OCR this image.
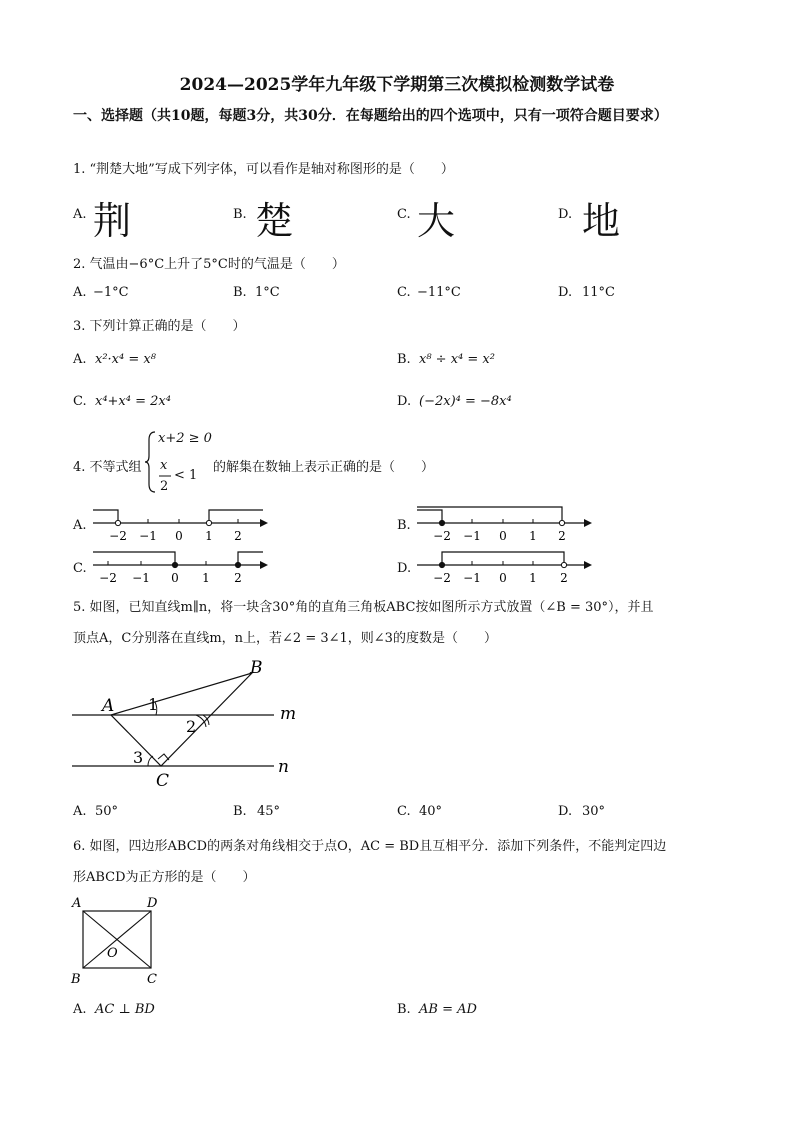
2024—2025学年九年级下学期第三次模拟检测数学试卷
一、选择题（共10题，每题3分，共30分．在每题给出的四个选项中，只有一项符合题目要求）
1. “荆楚大地”写成下列字体，可以看作是轴对称图形的是（　　）
A. 荆	B. 楚	C. 大	D. 地
2. 气温由−6°C上升了5°C时的气温是（　　）
A. −1°C	B. 1°C	C. −11°C	D. 11°C
3. 下列计算正确的是（　　）
A. x²·x⁴ = x⁸	B. x⁸ ÷ x⁴ = x²
C. x⁴+x⁴ = 2x⁴	D. (−2x)⁴ = −8x⁴
4. 不等式组
x+2 ≥ 0
x
2
< 1
的解集在数轴上表示正确的是（　　）
A.
−2 −1 0 1 2
B.
−2 −1 0 1 2
C.
−2 −1 0 1 2
D.
−2 −1 0 1 2
5. 如图，已知直线m∥n，将一块含30°角的直角三角板ABC按如图所示方式放置（∠B = 30°），并且
顶点A，C分别落在直线m，n上，若∠2 = 3∠1，则∠3的度数是（　　）
A
B
C
m
n
1
2
3
A. 50°	B. 45°	C. 40°	D. 30°
6. 如图，四边形ABCD的两条对角线相交于点O，AC = BD且互相平分．添加下列条件，不能判定四边
形ABCD为正方形的是（　　）
A	D
B	C
O
A. AC ⊥ BD	B. AB = AD
